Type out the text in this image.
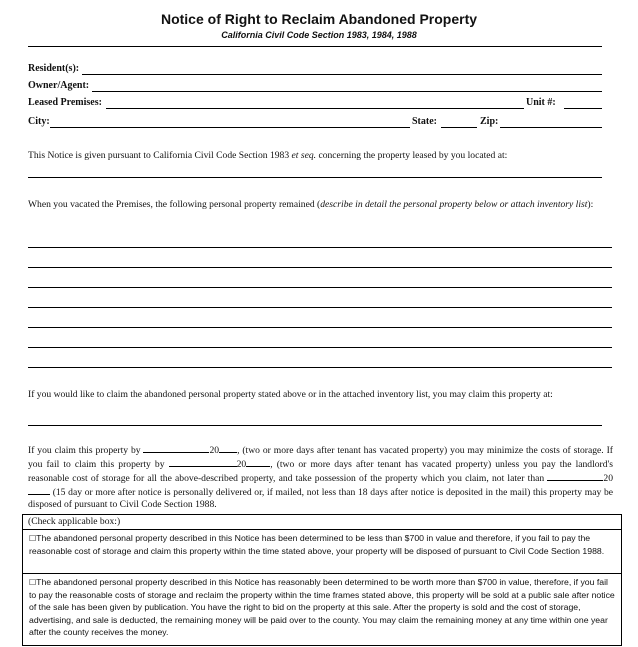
Notice of Right to Reclaim Abandoned Property
California Civil Code Section 1983, 1984, 1988
Resident(s):
Owner/Agent:
Leased Premises:	Unit #:
City:	State:	Zip:
This Notice is given pursuant to California Civil Code Section 1983 et seq. concerning the property leased by you located at:
When you vacated the Premises, the following personal property remained (describe in detail the personal property below or attach inventory list):
If you would like to claim the abandoned personal property stated above or in the attached inventory list, you may claim this property at:
If you claim this property by	20 , (two or more days after tenant has vacated property) you may minimize the costs of storage. If you fail to claim this property by	20	, (two or more days after tenant has vacated property) unless you pay the landlord's reasonable cost of storage for all the above-described property, and take possession of the property which you claim, not later than	20 (15 day or more after notice is personally delivered or, if mailed, not less than 18 days after notice is deposited in the mail) this property may be disposed of pursuant to Civil Code Section 1988.
(Check applicable box:)
☐The abandoned personal property described in this Notice has been determined to be less than $700 in value and therefore, if you fail to pay the reasonable cost of storage and claim this property within the time stated above, your property will be disposed of pursuant to Civil Code Section 1988.
☐The abandoned personal property described in this Notice has reasonably been determined to be worth more than $700 in value, therefore, if you fail to pay the reasonable costs of storage and reclaim the property within the time frames stated above, this property will be sold at a public sale after notice of the sale has been given by publication. You have the right to bid on the property at this sale. After the property is sold and the cost of storage, advertising, and sale is deducted, the remaining money will be paid over to the county. You may claim the remaining money at any time within one year after the county receives the money.
